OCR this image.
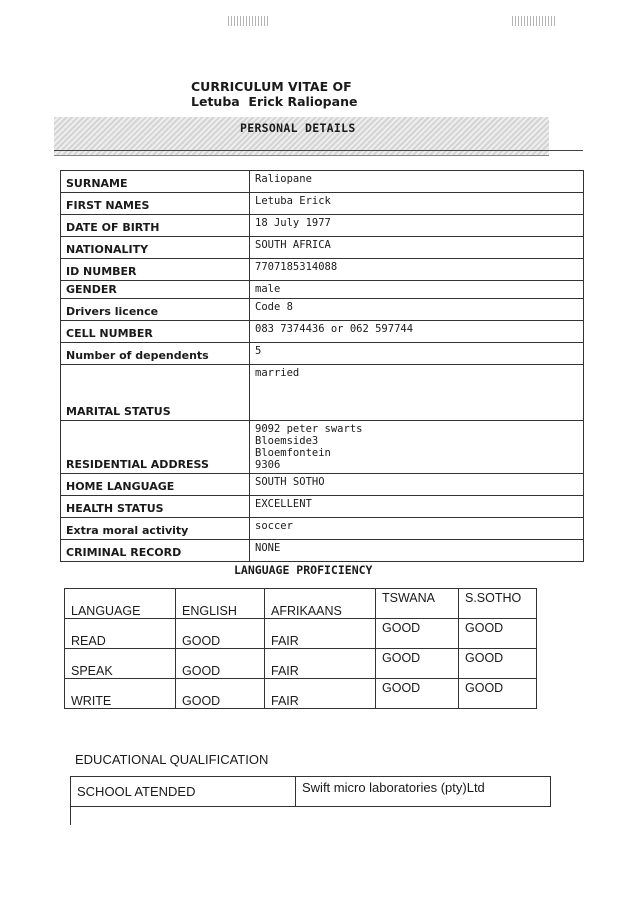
CURRICULUM VITAE OF
Letuba  Erick Raliopane
PERSONAL DETAILS
SURNAME	Raliopane

FIRST NAMES	Letuba Erick

DATE OF BIRTH	18 July 1977

NATIONALITY	SOUTH AFRICA

ID NUMBER	7707185314088

GENDER	male

Drivers licence	Code 8

CELL NUMBER	083 7374436 or 062 597744

Number of dependents	5

MARITAL STATUS	married

RESIDENTIAL ADDRESS	9092 peter swarts
Bloemside3
Bloemfontein
9306

HOME LANGUAGE	SOUTH SOTHO

HEALTH STATUS	EXCELLENT

Extra moral activity	soccer

CRIMINAL RECORD	NONE
LANGUAGE PROFICIENCY
LANGUAGE	ENGLISH	AFRIKAANS	TSWANA	S.SOTHO
READ	GOOD	FAIR	GOOD	GOOD
SPEAK	GOOD	FAIR	GOOD	GOOD
WRITE	GOOD	FAIR	GOOD	GOOD
EDUCATIONAL QUALIFICATION
SCHOOL ATENDED	Swift micro laboratories (pty)Ltd
